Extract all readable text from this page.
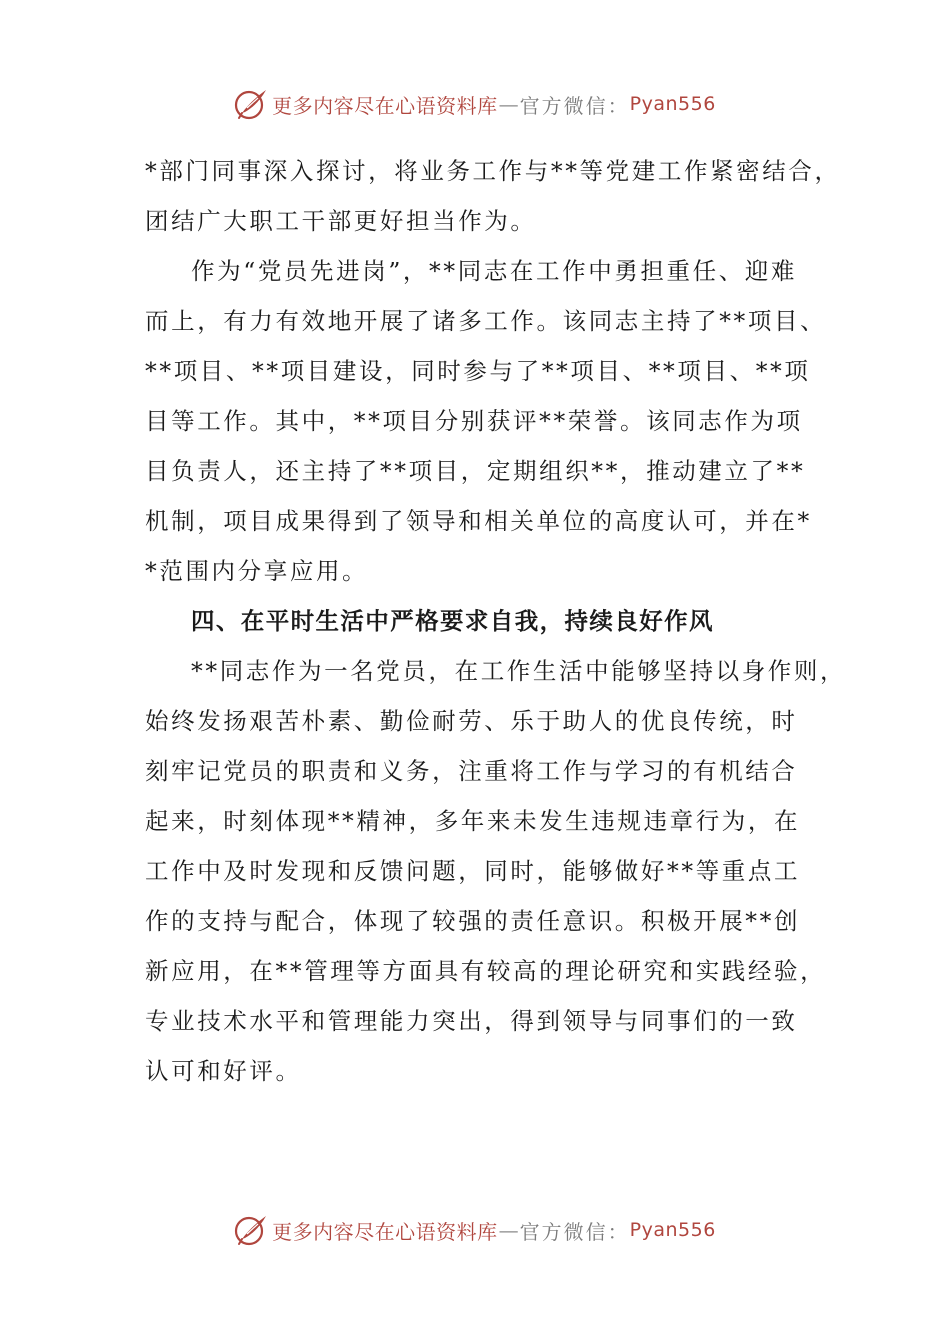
更多内容尽在心语资料库 — 官方微信： Pyan556
*部门同事深入探讨，将业务工作与**等党建工作紧密结合，
团结广大职工干部更好担当作为。
作为“党员先进岗”，**同志在工作中勇担重任、迎难
而上，有力有效地开展了诸多工作。该同志主持了**项目、
**项目、**项目建设，同时参与了**项目、**项目、**项
目等工作。其中，**项目分别获评**荣誉。该同志作为项
目负责人，还主持了**项目，定期组织**，推动建立了**
机制，项目成果得到了领导和相关单位的高度认可，并在*
*范围内分享应用。
四、在平时生活中严格要求自我，持续良好作风
**同志作为一名党员，在工作生活中能够坚持以身作则，
始终发扬艰苦朴素、勤俭耐劳、乐于助人的优良传统，时
刻牢记党员的职责和义务，注重将工作与学习的有机结合
起来，时刻体现**精神，多年来未发生违规违章行为，在
工作中及时发现和反馈问题，同时，能够做好**等重点工
作的支持与配合，体现了较强的责任意识。积极开展**创
新应用，在**管理等方面具有较高的理论研究和实践经验，
专业技术水平和管理能力突出，得到领导与同事们的一致
认可和好评。
更多内容尽在心语资料库 — 官方微信： Pyan556
